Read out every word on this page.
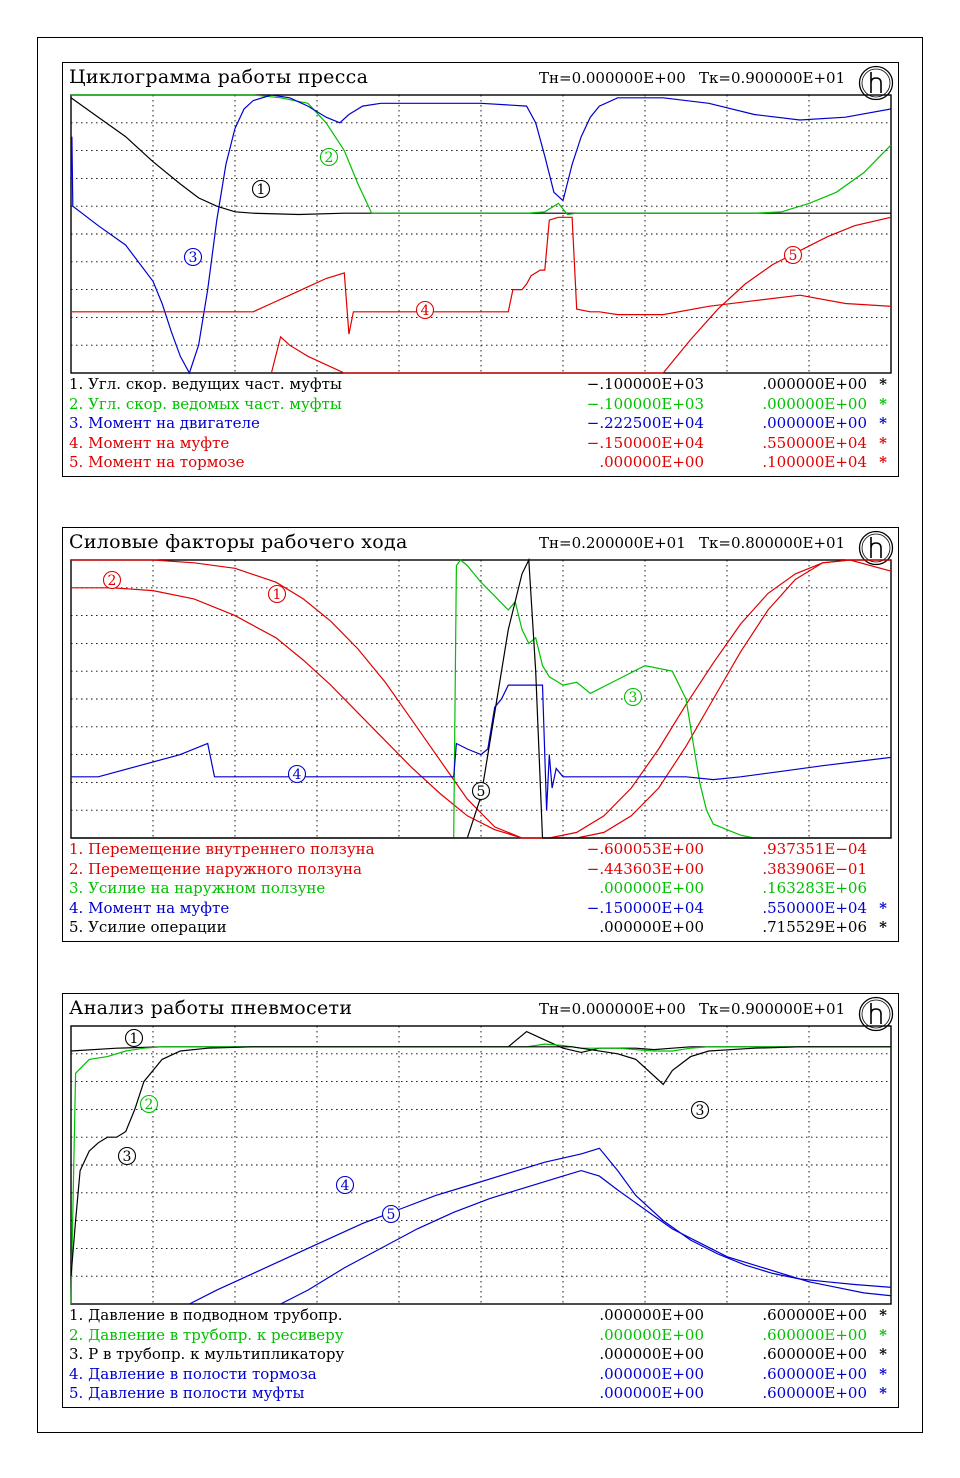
Циклограмма работы пресса	Tн=0.000000E+00 Tк=0.900000E+01
1
2
3
4
5
1. Угл. скор. ведущих част. муфты	−.100000E+03	.000000E+00 *
2. Угл. скор. ведомых част. муфты	−.100000E+03	.000000E+00 *
3. Момент на двигателе	−.222500E+04	.000000E+00 *
4. Момент на муфте	−.150000E+04	.550000E+04 *
5. Момент на тормозе	.000000E+00	.100000E+04 *
Силовые факторы рабочего хода	Tн=0.200000E+01 Tк=0.800000E+01
1
2
3
4
5
1. Перемещение внутреннего ползуна	−.600053E+00	.937351E−04
2. Перемещение наружного ползуна	−.443603E+00	.383906E−01
3. Усилие на наружном ползуне	.000000E+00	.163283E+06
4. Момент на муфте	−.150000E+04	.550000E+04 *
5. Усилие операции	.000000E+00	.715529E+06 *
Анализ работы пневмосети	Tн=0.000000E+00 Tк=0.900000E+01
1
2
3
3
4
5
1. Давление в подводном трубопр.	.000000E+00	.600000E+00 *
2. Давление в трубопр. к ресиверу	.000000E+00	.600000E+00 *
3. P в трубопр. к мультипликатору	.000000E+00	.600000E+00 *
4. Давление в полости тормоза	.000000E+00	.600000E+00 *
5. Давление в полости муфты	.000000E+00	.600000E+00 *
